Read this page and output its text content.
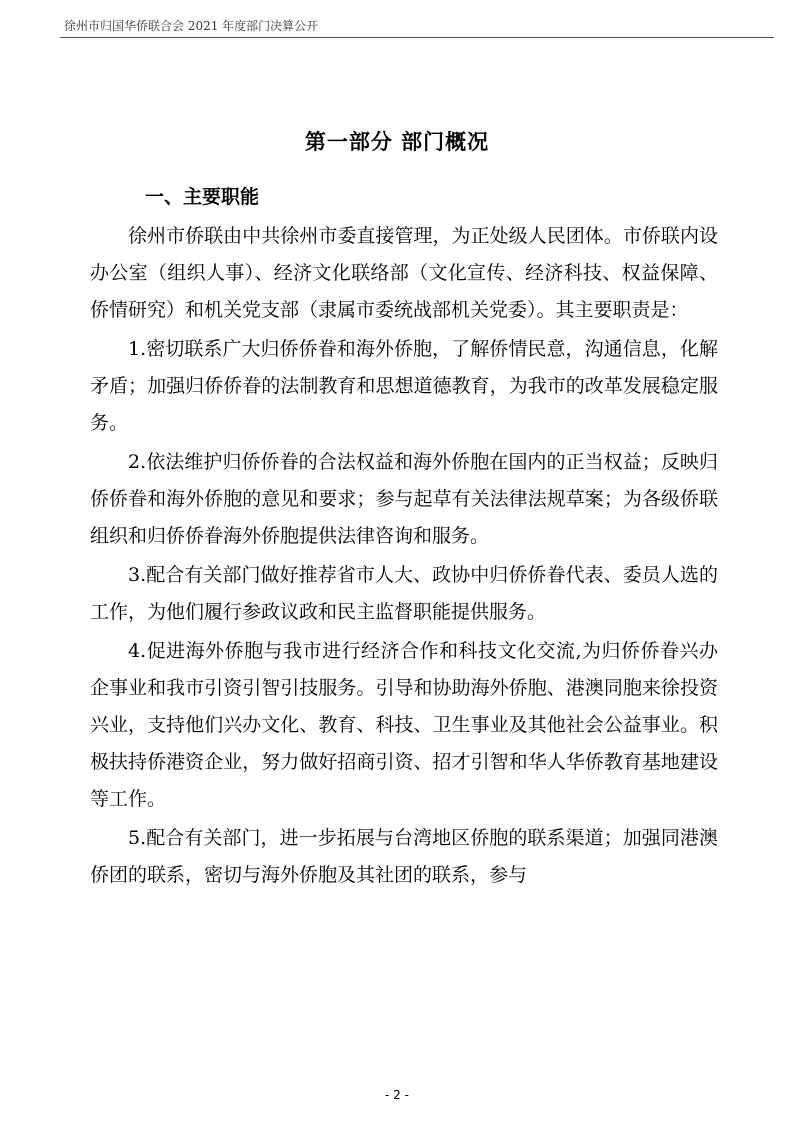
徐州市归国华侨联合会 2021 年度部门决算公开
第一部分 部门概况
一、主要职能

徐州市侨联由中共徐州市委直接管理，为正处级人民团体。市侨联内设办公室（组织人事）、经济文化联络部（文化宣传、经济科技、权益保障、侨情研究）和机关党支部（隶属市委统战部机关党委）。其主要职责是：

1.密切联系广大归侨侨眷和海外侨胞，了解侨情民意，沟通信息，化解矛盾；加强归侨侨眷的法制教育和思想道德教育，为我市的改革发展稳定服务。

2.依法维护归侨侨眷的合法权益和海外侨胞在国内的正当权益；反映归侨侨眷和海外侨胞的意见和要求；参与起草有关法律法规草案；为各级侨联组织和归侨侨眷海外侨胞提供法律咨询和服务。

3.配合有关部门做好推荐省市人大、政协中归侨侨眷代表、委员人选的工作，为他们履行参政议政和民主监督职能提供服务。

4.促进海外侨胞与我市进行经济合作和科技文化交流,为归侨侨眷兴办企事业和我市引资引智引技服务。引导和协助海外侨胞、港澳同胞来徐投资兴业，支持他们兴办文化、教育、科技、卫生事业及其他社会公益事业。积极扶持侨港资企业，努力做好招商引资、招才引智和华人华侨教育基地建设等工作。

5.配合有关部门，进一步拓展与台湾地区侨胞的联系渠道；加强同港澳侨团的联系，密切与海外侨胞及其社团的联系，参与

- 2 -
